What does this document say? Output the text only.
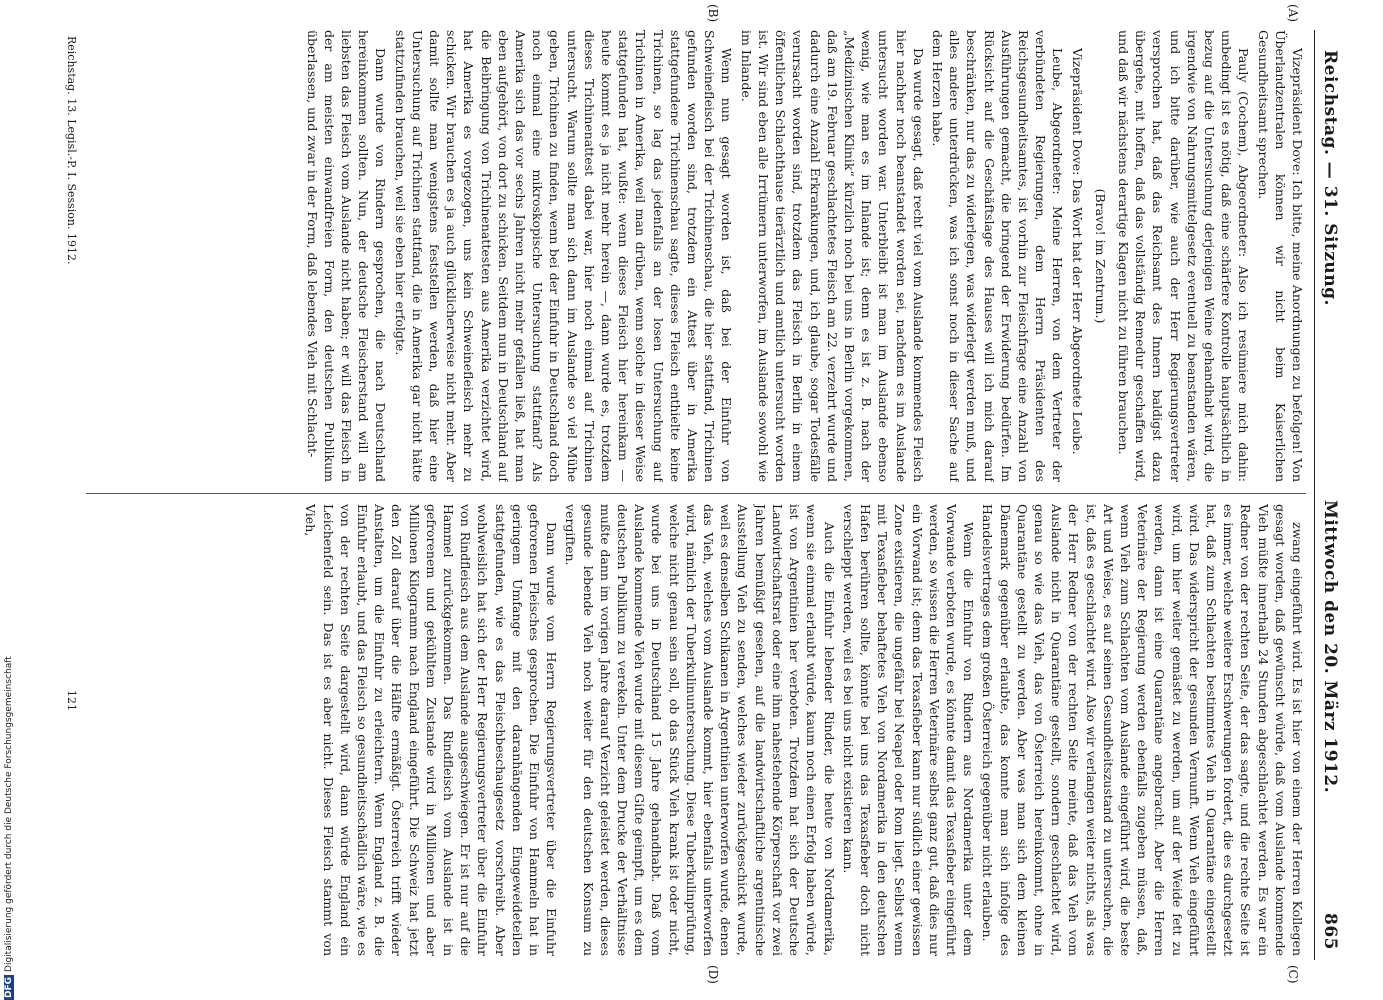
Reichstag. — 31. Sitzung.
Mittwoch den 20. März 1912.
865

Vizepräsident Dove: Ich bitte, meine Anordnungen zu befolgen! Von Überlandzentralen können wir nicht beim Kaiserlichen Gesundheitsamt sprechen.

Pauly (Cochem), Abgeordneter: Also ich resümiere mich dahin: unbedingt ist es nötig, daß eine schärfere Kontrolle hauptsächlich in bezug auf die Untersuchung derjenigen Weine gehandhabt wird, die irgendwie von Nahrungsmittelgesetz eventuell zu beanstanden wären, und ich bitte darüber, wie auch der Herr Regierungsvertreter versprochen hat, daß das Reichsamt des Innern baldigst dazu übergehe, mit hoffen, daß das vollständig Remedur geschaffen wird, und daß wir nächstens derartige Klagen nicht zu führen brauchen.

(Bravo! im Zentrum.)

Vizepräsident Dove: Das Wort hat der Herr Abgeordnete Leube.

Leube, Abgeordneter: Meine Herren, von dem Vertreter der verbündeten Regierungen, dem Herrn Präsidenten des Reichsgesundheitsamtes, ist vorhin zur Fleischfrage eine Anzahl von Ausführungen gemacht, die bringend der Erwiderung bedürfen. Im Rücksicht auf die Geschäftslage des Hauses will ich mich darauf beschränken, nur das zu widerlegen, was widerlegt werden muß, und alles andere unterdrücken, was ich sonst noch in dieser Sache auf dem Herzen habe.

Da wurde gesagt, daß recht viel vom Auslande kommendes Fleisch hier nachher noch beanstandet worden sei, nachdem es im Auslande untersucht worden war. Unterbleibt ist man im Auslande ebenso wenig, wie man es im Inlande ist; denn es ist z. B. nach der „Medizinischen Klinik“ kürzlich noch bei uns in Berlin vorgekommen, daß am 19. Februar geschlachtetes Fleisch am 22. verzehrt wurde und dadurch eine Anzahl Erkrankungen, und, ich glaube, sogar Todesfälle verursacht worden sind, trotzdem das Fleisch in Berlin in einem öffentlichen Schlachthause tierärztlich und amtlich untersucht worden ist. Wir sind eben alle Irrtümern unterworfen, im Auslande sowohl wie im Inlande.

Wenn nun gesagt worden ist, daß bei der Einfuhr von Schweinefleisch bei der Trichinenschau, die hier stattfand, Trichinen gefunden worden sind, trotzdem ein Attest über in Amerika stattgefundene Trichinenschau sagte, dieses Fleisch enthielte keine Trichinen, so lag das jedenfalls an der losen Untersuchung auf Trichinen in Amerika, weil man drüben, wenn solche in dieser Weise stattgefunden hat, wußte: wenn dieses Fleisch hier hereinkam — heute kommt es ja nicht mehr herein —, dann wurde es, trotzdem dieses Trichinenattest dabei war, hier noch einmal auf Trichinen untersucht. Warum sollte man sich dann im Auslande so viel Mühe geben, Trichinen zu finden, wenn bei der Einfuhr in Deutschland doch noch einmal eine mikroskopische Untersuchung stattfand? Als Amerika sich das vor sechs Jahren nicht mehr gefallen ließ, hat man eben aufgehört, von dort zu schicken. Seitdem nun in Deutschland auf die Beibringung von Trichinenattesten aus Amerika verzichtet wird, hat Amerika es vorgezogen, uns kein Schweinefleisch mehr zu schicken. Wir brauchen es ja auch glücklicherweise nicht mehr. Aber damit sollte man wenigstens feststellen werden, daß hier eine Untersuchung auf Trichinen stattfand, die in Amerika gar nicht hätte stattzufinden brauchen, weil sie eben hier erfolgte.

Dann wurde von Rindern gesprochen, die nach Deutschland hereinkommen sollten. Nun, der deutsche Fleischerstand will am liebsten das Fleisch vom Auslande nicht haben; er will das Fleisch in der am meisten einwandfreien Form, den deutschen Publikum überlassen, und zwar in der Form, daß lebendes Vieh mit Schlacht-

zwang eingeführt wird. Es ist hier von einem der Herren Kollegen gesagt worden, daß gewünscht würde, daß vom Auslande kommende Vieh müßte innerhalb 24 Stunden abgeschlachtet werden. Es war ein Redner von der rechten Seite, der das sagte, und die rechte Seite ist es immer, welche weitere Erschwerungen fordert, die es durchgesetzt hat, daß zum Schlachten bestimmtes Vieh in Quarantäne eingestellt wird. Das widerspricht der gesunden Vernunft. Wenn Vieh eingeführt wird, um hier weiter gemästet zu werden, um auf der Weide fett zu werden, dann ist eine Quarantäne angebracht. Aber die Herren Veterinäre der Regierung werden ebenfalls zugeben müssen, daß, wenn Vieh zum Schlachten vom Auslande eingeführt wird, die beste Art und Weise, es auf seinen Gesundheitszustand zu untersuchen, die ist, daß es geschlachtet wird. Also wir verlangen weiter nichts, als was der Herr Redner von der rechten Seite meinte, daß das Vieh vom Auslande nicht in Quarantäne gestellt, sondern geschlachtet wird, genau so wie das Vieh, das von Österreich hereinkommt, ohne in Quarantäne gestellt zu werden. Aber was man sich dem kleinen Dänemark gegenüber erlaubte, das konnte man sich infolge des Handelsvertrages dem großen Österreich gegenüber nicht erlauben.

Wenn die Einfuhr von Rindern aus Nordamerika unter dem Vorwande verboten wurde, es könnte damit das Texasfieber eingeführt werden, so wissen die Herren Veterinäre selbst ganz gut, daß dies nur ein Vorwand ist; denn das Texasfieber kann nur südlich einer gewissen Zone existieren, die ungefähr bei Neapel oder Rom liegt. Selbst wenn mit Texasfieber behaftetes Vieh von Nordamerika in den deutschen Hafen berühren sollte, könnte bei uns das Texasfieber doch nicht verschleppt werden, weil es bei uns nicht existieren kann.

Auch die Einfuhr lebender Rinder, die heute von Nordamerika, wenn sie einmal erlaubt würde, kaum noch einen Erfolg haben würde, ist von Argentinien her verboten. Trotzdem hat sich der Deutsche Landwirtschaftsrat oder eine ihm nahestehende Körperschaft vor zwei Jahren bemüßigt gesehen, auf die landwirtschaftliche argentinische Ausstellung Vieh zu senden, welches wieder zurückgeschickt wurde, weil es denselben Schikanen in Argentinien unterworfen wurde, denen das Vieh, welches vom Auslande kommt, hier ebenfalls unterworfen wird, nämlich der Tuberkulinuntersuchung. Diese Tuberkulinprüfung, welche nicht genau sein soll, ob das Stück Vieh krank ist oder nicht, wurde bei uns in Deutschland 15 Jahre gehandhabt. Daß vom Auslande kommende Vieh wurde mit diesem Gifte geimpft, um es dem deutschen Publikum zu verekeln. Unter dem Drucke der Verhältnisse mußte dann im vorigen Jahre darauf Verzicht geleistet werden, dieses gesunde lebende Vieh noch weiter für den deutschen Konsum zu vergiften.

Dann wurde vom Herrn Regierungsvertreter über die Einfuhr gefrorenen Fleisches gesprochen. Die Einfuhr von Hammeln hat in geringem Umfange mit den daranhängenden Eingeweideteilen stattgefunden, wie es das Fleischbeschaugesetz vorschreibt. Aber wohlweislich hat sich der Herr Regierungsvertreter über die Einfuhr von Rindfleisch aus dem Auslande ausgeschwiegen. Er ist nur auf die Hammel zurückgekommen. Das Rindfleisch vom Auslande ist in gefrorenem und gekühltem Zustande wird in Millionen und aber Millionen Kilogramm nach England eingeführt. Die Schweiz hat jetzt den Zoll darauf über die Hälfte ermäßigt. Österreich trifft wieder Anstalten, um die Einfuhr zu erleichtern. Wenn England z. B. die Einfuhr erlaubt, und das Fleisch so gesundheitsschädlich wäre, wie es von der rechten Seite dargestellt wird, dann würde England ein Leichenfeld sein. Das ist es aber nicht. Dieses Fleisch stammt von Vieh,

(A)
(B)
(C)
(D)
Reichstag. 13. Legisl.-P. I. Session. 1912.
121
DFGDigitalisierung gefördert durch die Deutsche Forschungsgemeinschaft
